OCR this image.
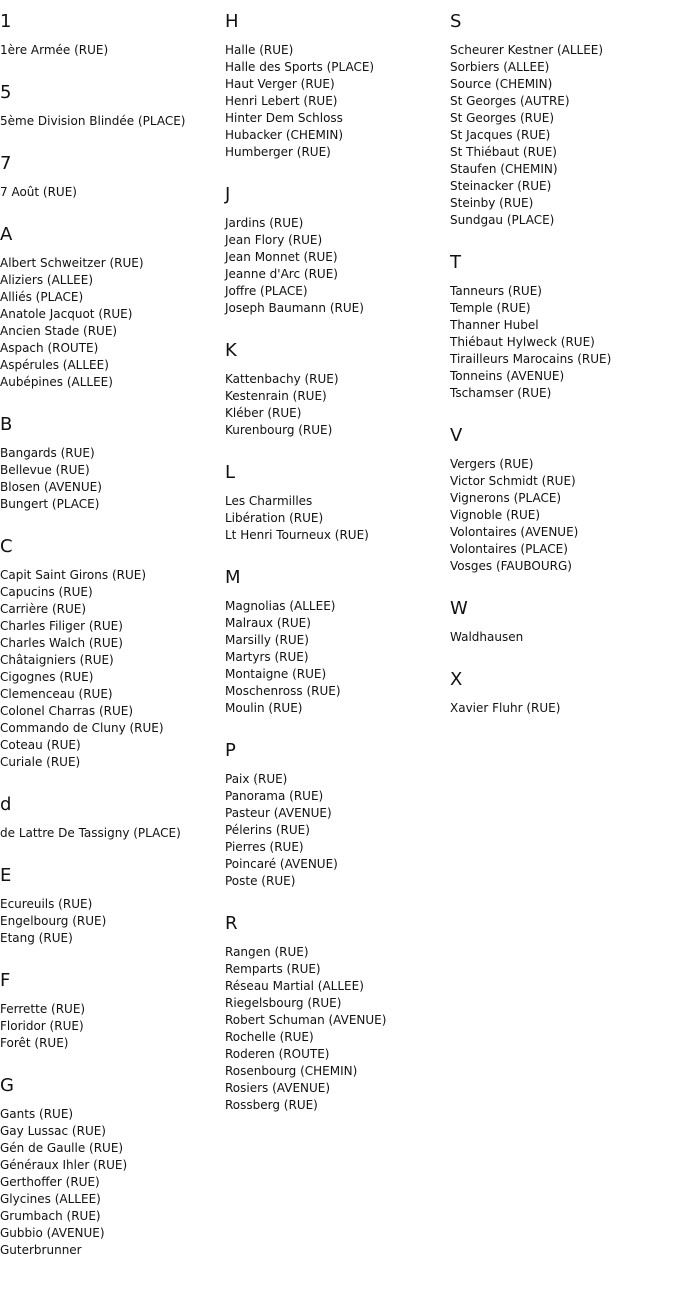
1
1ère Armée (RUE)
5
5ème Division Blindée (PLACE)
7
7 Août (RUE)
A
Albert Schweitzer (RUE)
Aliziers (ALLEE)
Alliés (PLACE)
Anatole Jacquot (RUE)
Ancien Stade (RUE)
Aspach (ROUTE)
Aspérules (ALLEE)
Aubépines (ALLEE)
B
Bangards (RUE)
Bellevue (RUE)
Blosen (AVENUE)
Bungert (PLACE)
C
Capit Saint Girons (RUE)
Capucins (RUE)
Carrière (RUE)
Charles Filiger (RUE)
Charles Walch (RUE)
Châtaigniers (RUE)
Cigognes (RUE)
Clemenceau (RUE)
Colonel Charras (RUE)
Commando de Cluny (RUE)
Coteau (RUE)
Curiale (RUE)
d
de Lattre De Tassigny (PLACE)
E
Ecureuils (RUE)
Engelbourg (RUE)
Etang (RUE)
F
Ferrette (RUE)
Floridor (RUE)
Forêt (RUE)
G
Gants (RUE)
Gay Lussac (RUE)
Gén de Gaulle (RUE)
Généraux Ihler (RUE)
Gerthoffer (RUE)
Glycines (ALLEE)
Grumbach (RUE)
Gubbio (AVENUE)
Guterbrunner
H
Halle (RUE)
Halle des Sports (PLACE)
Haut Verger (RUE)
Henri Lebert (RUE)
Hinter Dem Schloss
Hubacker (CHEMIN)
Humberger (RUE)
J
Jardins (RUE)
Jean Flory (RUE)
Jean Monnet (RUE)
Jeanne d'Arc (RUE)
Joffre (PLACE)
Joseph Baumann (RUE)
K
Kattenbachy (RUE)
Kestenrain (RUE)
Kléber (RUE)
Kurenbourg (RUE)
L
Les Charmilles
Libération (RUE)
Lt Henri Tourneux (RUE)
M
Magnolias (ALLEE)
Malraux (RUE)
Marsilly (RUE)
Martyrs (RUE)
Montaigne (RUE)
Moschenross (RUE)
Moulin (RUE)
P
Paix (RUE)
Panorama (RUE)
Pasteur (AVENUE)
Pélerins (RUE)
Pierres (RUE)
Poincaré (AVENUE)
Poste (RUE)
R
Rangen (RUE)
Remparts (RUE)
Réseau Martial (ALLEE)
Riegelsbourg (RUE)
Robert Schuman (AVENUE)
Rochelle (RUE)
Roderen (ROUTE)
Rosenbourg (CHEMIN)
Rosiers (AVENUE)
Rossberg (RUE)
S
Scheurer Kestner (ALLEE)
Sorbiers (ALLEE)
Source (CHEMIN)
St Georges (AUTRE)
St Georges (RUE)
St Jacques (RUE)
St Thiébaut (RUE)
Staufen (CHEMIN)
Steinacker (RUE)
Steinby (RUE)
Sundgau (PLACE)
T
Tanneurs (RUE)
Temple (RUE)
Thanner Hubel
Thiébaut Hylweck (RUE)
Tirailleurs Marocains (RUE)
Tonneins (AVENUE)
Tschamser (RUE)
V
Vergers (RUE)
Victor Schmidt (RUE)
Vignerons (PLACE)
Vignoble (RUE)
Volontaires (AVENUE)
Volontaires (PLACE)
Vosges (FAUBOURG)
W
Waldhausen
X
Xavier Fluhr (RUE)
